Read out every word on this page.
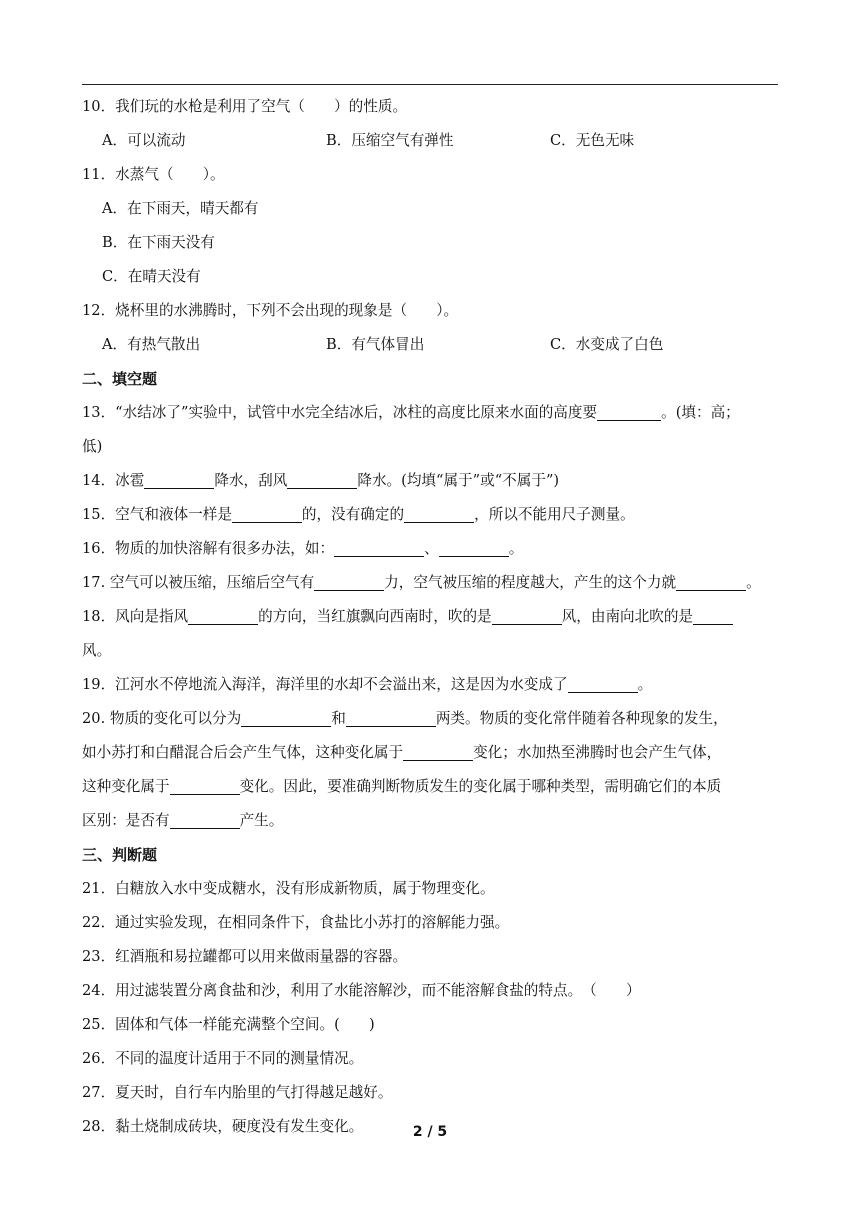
10．我们玩的水枪是利用了空气（　　）的性质。
A．可以流动	B．压缩空气有弹性	C．无色无味
11．水蒸气（　　）。
A．在下雨天，晴天都有
B．在下雨天没有
C．在晴天没有
12．烧杯里的水沸腾时，下列不会出现的现象是（　　）。
A．有热气散出	B．有气体冒出	C．水变成了白色
二、填空题
13．“水结冰了”实验中，试管中水完全结冰后，冰柱的高度比原来水面的高度要	。(填：高；
低)
14．冰雹	降水，刮风	降水。(均填“属于”或“不属于”)
15．空气和液体一样是	的，没有确定的	，所以不能用尺子测量。
16．物质的加快溶解有很多办法，如：	、	。
17. 空气可以被压缩，压缩后空气有	力，空气被压缩的程度越大，产生的这个力就	。
18．风向是指风	的方向，当红旗飘向西南时，吹的是	风，由南向北吹的是
风。
19．江河水不停地流入海洋，海洋里的水却不会溢出来，这是因为水变成了	。
20. 物质的变化可以分为	和	两类。物质的变化常伴随着各种现象的发生，
如小苏打和白醋混合后会产生气体，这种变化属于	变化；水加热至沸腾时也会产生气体，
这种变化属于	变化。因此，要准确判断物质发生的变化属于哪种类型，需明确它们的本质
区别：是否有	产生。
三、判断题
21．白糖放入水中变成糖水，没有形成新物质，属于物理变化。
22．通过实验发现，在相同条件下，食盐比小苏打的溶解能力强。
23．红酒瓶和易拉罐都可以用来做雨量器的容器。
24．用过滤装置分离食盐和沙，利用了水能溶解沙，而不能溶解食盐的特点。　（　　）
25．固体和气体一样能充满整个空间。(　　)
26．不同的温度计适用于不同的测量情况。
27．夏天时，自行车内胎里的气打得越足越好。
28．黏土烧制成砖块，硬度没有发生变化。	2 / 5
